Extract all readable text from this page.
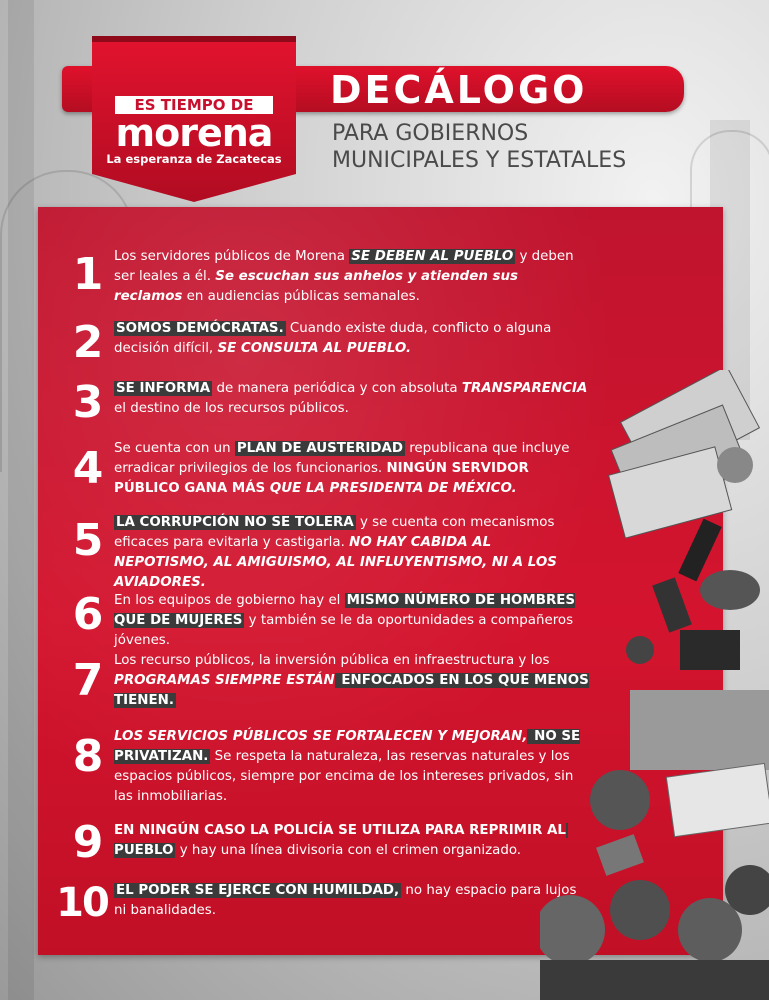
DECÁLOGO
PARA GOBIERNOS
MUNICIPALES Y ESTATALES
ES TIEMPO DE
morena
La esperanza de Zacatecas
1 Los servidores públicos de Morena SE DEBEN AL PUEBLO y deben ser leales a él. Se escuchan sus anhelos y atienden sus reclamos en audiencias públicas semanales.
2 SOMOS DEMÓCRATAS. Cuando existe duda, conflicto o alguna decisión difícil, SE CONSULTA AL PUEBLO.
3 SE INFORMA de manera periódica y con absoluta TRANSPARENCIA el destino de los recursos públicos.
4 Se cuenta con un PLAN DE AUSTERIDAD republicana que incluye erradicar privilegios de los funcionarios. NINGÚN SERVIDOR PÚBLICO GANA MÁS QUE LA PRESIDENTA DE MÉXICO.
5 LA CORRUPCIÓN NO SE TOLERA y se cuenta con mecanismos eficaces para evitarla y castigarla. NO HAY CABIDA AL NEPOTISMO, AL AMIGUISMO, AL INFLUYENTISMO, NI A LOS AVIADORES.
6 En los equipos de gobierno hay el MISMO NÚMERO DE HOMBRES QUE DE MUJERES y también se le da oportunidades a compañeros jóvenes.
7 Los recurso públicos, la inversión pública en infraestructura y los PROGRAMAS SIEMPRE ESTÁN ENFOCADOS EN LOS QUE MENOS TIENEN.
8 LOS SERVICIOS PÚBLICOS SE FORTALECEN Y MEJORAN, NO SE PRIVATIZAN. Se respeta la naturaleza, las reservas naturales y los espacios públicos, siempre por encima de los intereses privados, sin las inmobiliarias.
9 EN NINGÚN CASO LA POLICÍA SE UTILIZA PARA REPRIMIR AL PUEBLO y hay una línea divisoria con el crimen organizado.
10 EL PODER SE EJERCE CON HUMILDAD, no hay espacio para lujos ni banalidades.
